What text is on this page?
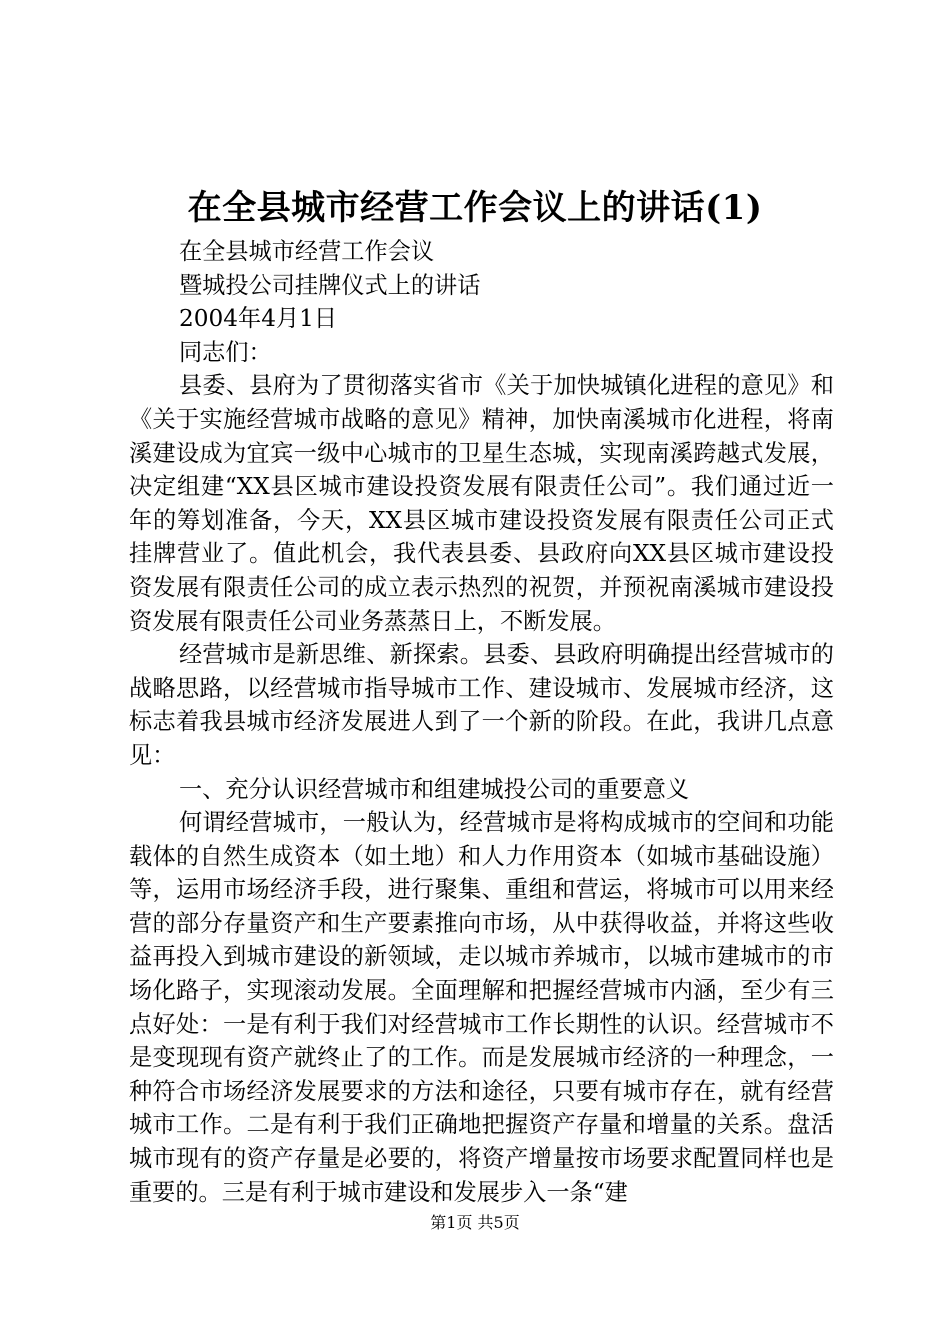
在全县城市经营工作会议上的讲话(1)

在全县城市经营工作会议

暨城投公司挂牌仪式上的讲话

2004年4月1日

同志们：

县委、县府为了贯彻落实省市《关于加快城镇化进程的意见》和《关于实施经营城市战略的意见》精神，加快南溪城市化进程，将南溪建设成为宜宾一级中心城市的卫星生态城，实现南溪跨越式发展，决定组建“XX县区城市建设投资发展有限责任公司”。我们通过近一年的筹划准备，今天，XX县区城市建设投资发展有限责任公司正式挂牌营业了。值此机会，我代表县委、县政府向XX县区城市建设投资发展有限责任公司的成立表示热烈的祝贺，并预祝南溪城市建设投资发展有限责任公司业务蒸蒸日上，不断发展。

经营城市是新思维、新探索。县委、县政府明确提出经营城市的战略思路，以经营城市指导城市工作、建设城市、发展城市经济，这标志着我县城市经济发展进人到了一个新的阶段。在此，我讲几点意见：

一、充分认识经营城市和组建城投公司的重要意义

何谓经营城市，一般认为，经营城市是将构成城市的空间和功能载体的自然生成资本（如土地）和人力作用资本（如城市基础设施）等，运用市场经济手段，进行聚集、重组和营运，将城市可以用来经营的部分存量资产和生产要素推向市场，从中获得收益，并将这些收益再投入到城市建设的新领域，走以城市养城市，以城市建城市的市场化路子，实现滚动发展。全面理解和把握经营城市内涵，至少有三点好处：一是有利于我们对经营城市工作长期性的认识。经营城市不是变现现有资产就终止了的工作。而是发展城市经济的一种理念，一种符合市场经济发展要求的方法和途径，只要有城市存在，就有经营城市工作。二是有利于我们正确地把握资产存量和增量的关系。盘活城市现有的资产存量是必要的，将资产增量按市场要求配置同样也是重要的。三是有利于城市建设和发展步入一条“建

第1页 共5页
